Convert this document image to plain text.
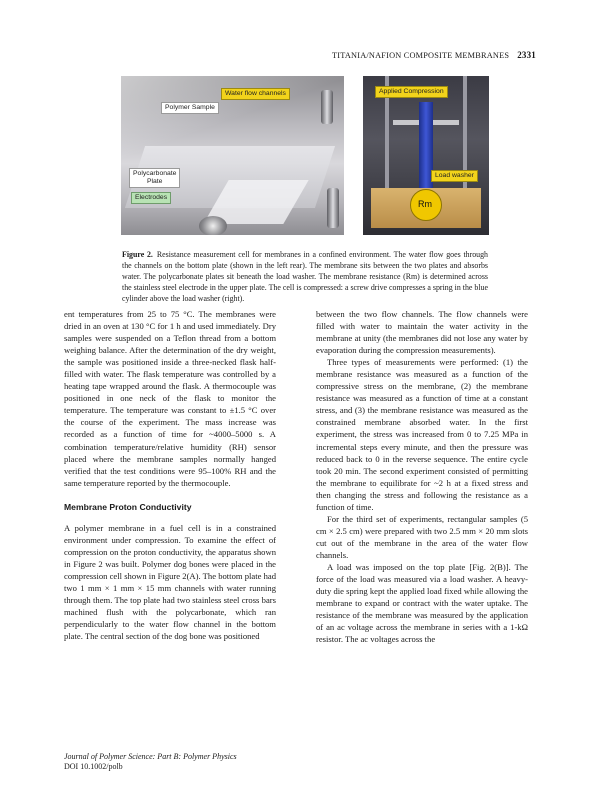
TITANIA/NAFION COMPOSITE MEMBRANES 2331
Polymer Sample
Water flow channels
Polycarbonate
Plate
Electrodes
Rm
Applied Compression
Load washer
Figure 2. Resistance measurement cell for membranes in a confined environment. The water flow goes through the channels on the bottom plate (shown in the left rear). The membrane sits between the two plates and absorbs water. The polycarbonate plates sit beneath the load washer. The membrane resistance (Rm) is determined across the stainless steel electrode in the upper plate. The cell is compressed: a screw drive compresses a spring in the blue cylinder above the load washer (right).

ent temperatures from 25 to 75 °C. The membranes were dried in an oven at 130 °C for 1 h and used immediately. Dry samples were suspended on a Teflon thread from a bottom weighing balance. After the determination of the dry weight, the sample was positioned inside a three-necked flask half-filled with water. The flask temperature was controlled by a heating tape wrapped around the flask. A thermocouple was positioned in one neck of the flask to monitor the temperature. The temperature was constant to ±1.5 °C over the course of the experiment. The mass increase was recorded as a function of time for ~4000–5000 s. A combination temperature/relative humidity (RH) sensor placed where the membrane samples normally hanged verified that the test conditions were 95–100% RH and the same temperature reported by the thermocouple.

Membrane Proton Conductivity

A polymer membrane in a fuel cell is in a constrained environment under compression. To examine the effect of compression on the proton conductivity, the apparatus shown in Figure 2 was built. Polymer dog bones were placed in the compression cell shown in Figure 2(A). The bottom plate had two 1 mm × 1 mm × 15 mm channels with water running through them. The top plate had two stainless steel cross bars machined flush with the polycarbonate, which ran perpendicularly to the water flow channel in the bottom plate. The central section of the dog bone was positioned

between the two flow channels. The flow channels were filled with water to maintain the water activity in the membrane at unity (the membranes did not lose any water by evaporation during the compression measurements).

Three types of measurements were performed: (1) the membrane resistance was measured as a function of the compressive stress on the membrane, (2) the membrane resistance was measured as a function of time at a constant stress, and (3) the membrane resistance was measured as the constrained membrane absorbed water. In the first experiment, the stress was increased from 0 to 7.25 MPa in incremental steps every minute, and then the pressure was reduced back to 0 in the reverse sequence. The entire cycle took 20 min. The second experiment consisted of permitting the membrane to equilibrate for ~2 h at a fixed stress and then changing the stress and following the resistance as a function of time.

For the third set of experiments, rectangular samples (5 cm × 2.5 cm) were prepared with two 2.5 mm × 20 mm slots cut out of the membrane in the area of the water flow channels.

A load was imposed on the top plate [Fig. 2(B)]. The force of the load was measured via a load washer. A heavy-duty die spring kept the applied load fixed while allowing the membrane to expand or contract with the water uptake. The resistance of the membrane was measured by the application of an ac voltage across the membrane in series with a 1-kΩ resistor. The ac voltages across the

Journal of Polymer Science: Part B: Polymer Physics
DOI 10.1002/polb
